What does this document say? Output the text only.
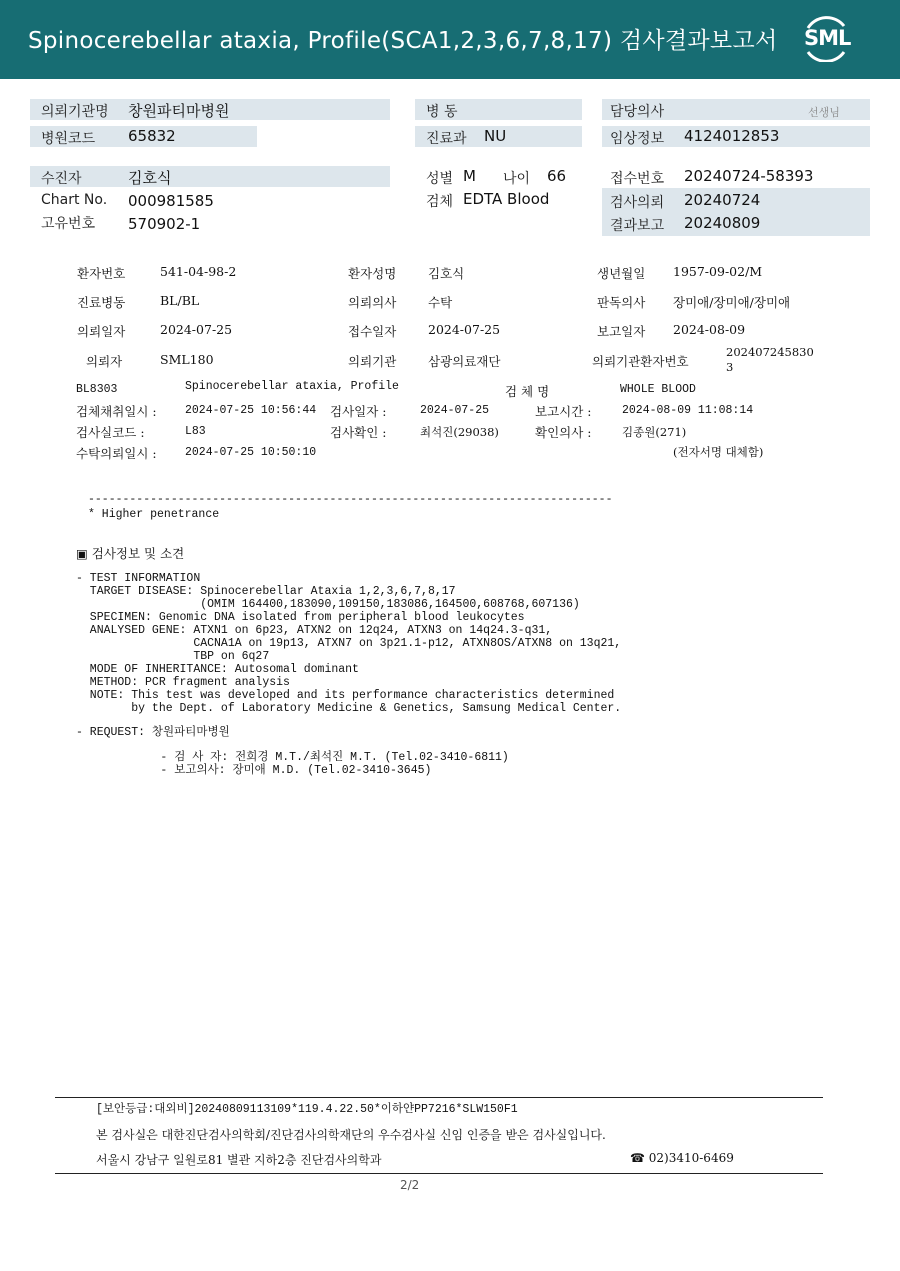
Spinocerebellar ataxia, Profile(SCA1,2,3,6,7,8,17) 검사결과보고서 SML
의뢰기관명 창원파티마병원
병원코드 65832
병 동
진료과 NU
담당의사	선생님
임상정보 4124012853
수진자	김호식
Chart No. 000981585
고유번호 570902-1
성별 M 나이 66
검체 EDTA Blood
접수번호 20240724-58393
검사의뢰 20240724
결과보고 20240809
환자번호	541-04-98-2	환자성명	김호식	생년월일 1957-09-02/M
진료병동	BL/BL	의뢰의사	수탁	판독의사 장미애/장미애/장미애
의뢰일자	2024-07-25	접수일자	2024-07-25	보고일자 2024-08-09
의뢰자	SML180	의뢰기관	삼광의료재단	의뢰기관환자번호
202407245830
3
BL8303	Spinocerebellar ataxia, Profile	검 체 명	WHOLE BLOOD
검체채취일시 : 2024-07-25 10:56:44 검사일자 :	2024-07-25	보고시간 :	2024-08-09 11:08:14
검사실코드 :	L83	검사확인 :	최석진(29038)	확인의사 :	김종원(271)
수탁의뢰일시 : 2024-07-25 10:50:10	(전자서명 대체함)
----------------------------------------------------------------------------
* Higher penetrance
▣ 검사정보 및 소견
- TEST INFORMATION
TARGET DISEASE: Spinocerebellar Ataxia 1,2,3,6,7,8,17
(OMIM 164400,183090,109150,183086,164500,608768,607136)
SPECIMEN: Genomic DNA isolated from peripheral blood leukocytes
ANALYSED GENE: ATXN1 on 6p23, ATXN2 on 12q24, ATXN3 on 14q24.3-q31,
CACNA1A on 19p13, ATXN7 on 3p21.1-p12, ATXN8OS/ATXN8 on 13q21,
TBP on 6q27
MODE OF INHERITANCE: Autosomal dominant
METHOD: PCR fragment analysis
NOTE: This test was developed and its performance characteristics determined
by the Dept. of Laboratory Medicine & Genetics, Samsung Medical Center.
- REQUEST: 창원파티마병원
- 검 사 자: 전희경 M.T./최석진 M.T. (Tel.02-3410-6811)
- 보고의사: 장미애 M.D. (Tel.02-3410-3645)
[보안등급:대외비]20240809113109*119.4.22.50*이하얀PP7216*SLW150F1
본 검사실은 대한진단검사의학회/진단검사의학재단의 우수검사실 신임 인증을 받은 검사실입니다.
서울시 강남구 일원로81 별관 지하2층 진단검사의학과	☎ 02)3410-6469
2/2
